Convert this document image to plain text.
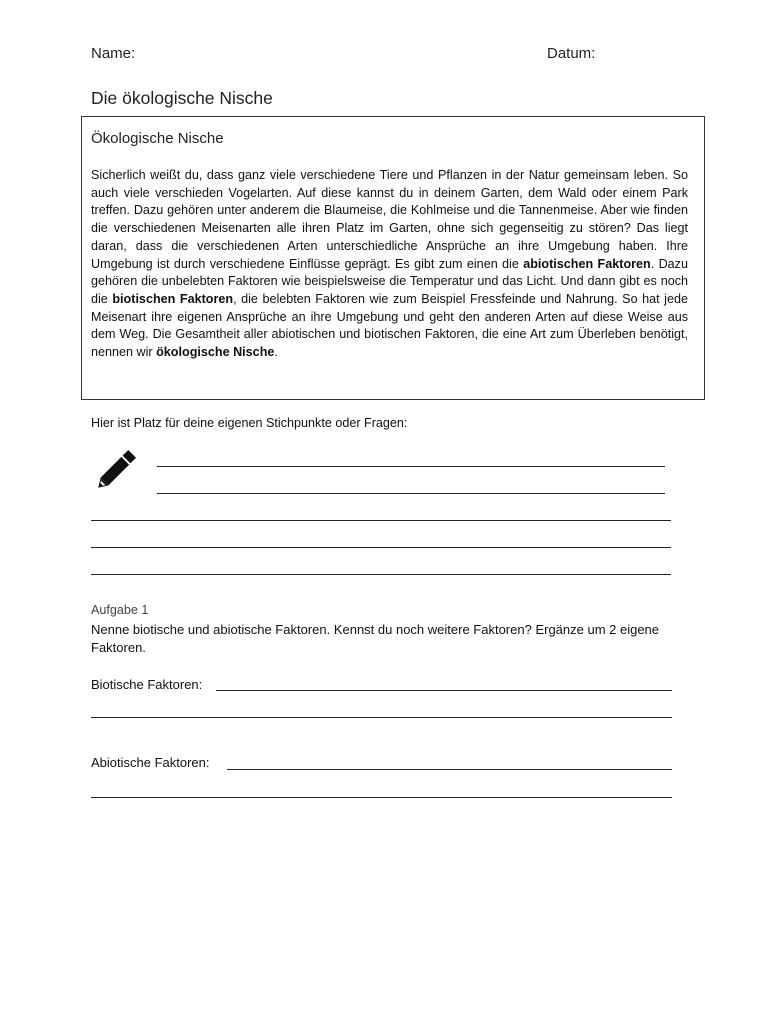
Name:	Datum:
Die ökologische Nische
Ökologische Nische
Sicherlich weißt du, dass ganz viele verschiedene Tiere und Pflanzen in der Natur gemeinsam leben. So auch viele verschieden Vogelarten. Auf diese kannst du in deinem Garten, dem Wald oder einem Park treffen. Dazu gehören unter anderem die Blaumeise, die Kohlmeise und die Tannenmeise. Aber wie finden die verschiedenen Meisenarten alle ihren Platz im Garten, ohne sich gegenseitig zu stören? Das liegt daran, dass die verschiedenen Arten unterschiedliche Ansprüche an ihre Umgebung haben. Ihre Umgebung ist durch verschiedene Einflüsse geprägt. Es gibt zum einen die abiotischen Faktoren. Dazu gehören die unbelebten Faktoren wie beispielsweise die Temperatur und das Licht. Und dann gibt es noch die biotischen Faktoren, die belebten Faktoren wie zum Beispiel Fressfeinde und Nahrung. So hat jede Meisenart ihre eigenen Ansprüche an ihre Umgebung und geht den anderen Arten auf diese Weise aus dem Weg. Die Gesamtheit aller abiotischen und biotischen Faktoren, die eine Art zum Überleben benötigt, nennen wir ökologische Nische.
Hier ist Platz für deine eigenen Stichpunkte oder Fragen:
Aufgabe 1
Nenne biotische und abiotische Faktoren. Kennst du noch weitere Faktoren? Ergänze um 2 eigene Faktoren.
Biotische Faktoren:
Abiotische Faktoren:
